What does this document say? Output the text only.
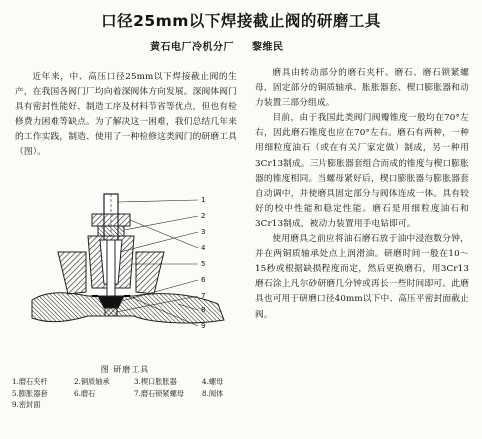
口径25mm以下焊接截止阀的研磨工具
黄石电厂冷机分厂 黎维民

近年来，中、高压口径25mm以下焊接截止阀的生产，在我国各阀门厂均向着深阀体方向发展。深阀体阀门具有密封性能好、制造工序及材料节省等优点，但也有检修费力困难等缺点。为了解决这一困难，我们总结几年来的工作实践，制造、使用了一种检修这类阀门的研磨工具（图）。

磨具由转动部分的磨石夹杆、磨石、磨石锁紧螺母，固定部分的铜质轴承、胀胀器套、楔口膨胀器和动力装置三部分组成。

目前，由于我国此类阀门阀瓣锥度一般均在70°左右，因此磨石锥度也应在70°左右。磨石有两种，一种用细粒度油石（或在有关厂家定做）制成，另一种用3Cr13制成。三片膨胀器套组合而成的锥度与楔口膨胀器的锥度相同。当螺母紧好后，楔口膨胀器与膨胀器套自动调中，并使磨具固定部分与阀体连成一体。具有较好的校中性能和稳定性能。磨石是用细粒度油石和3Cr13制成，被动力装置用手电钻即可。

使用磨具之前应将油石磨石放于油中浸泡数分钟，并在两铜质轴承处点上润滑油。研磨时间一般在10～15秒或根据缺损程度而定，然后更换磨石，用3Cr13磨石涂上凡尔砂研磨几分钟或再长一些时间即可。此磨具也可用于研磨口径40mm以下中、高压平密封面截止阀。

1
2
3
4
5
6
7
8
9
图 研磨工具
1.磨石夹杆	2.铜质轴承	3.楔口胀胀器	4.螺母
5.膨胀器套	6.磨石	7.磨石锁紧螺母	8.阀体
9.密封面
